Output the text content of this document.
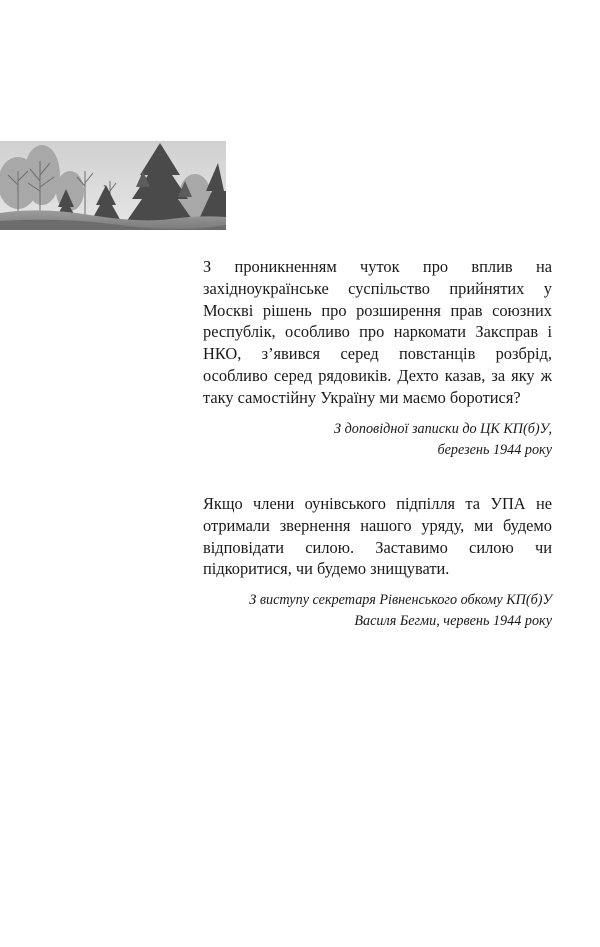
З проникненням чуток про вплив на західноукраїнське суспільство прийнятих у Москві рішень про розширення прав союзних республік, особливо про наркомати Закcправ і НКО, з’явився серед повстанців розбрід, особливо серед рядовиків. Дехто казав, за яку ж таку самостійну Україну ми маємо боротися?

З доповідної записки до ЦК КП(б)У,
березень 1944 року

Якщо члени оунівського підпілля та УПА не отримали звернення нашого уряду, ми будемо відповідати силою. Заставимо силою чи підкоритися, чи будемо знищувати.

З виступу секретаря Рівненського обкому КП(б)У
Василя Бегми, червень 1944 року
